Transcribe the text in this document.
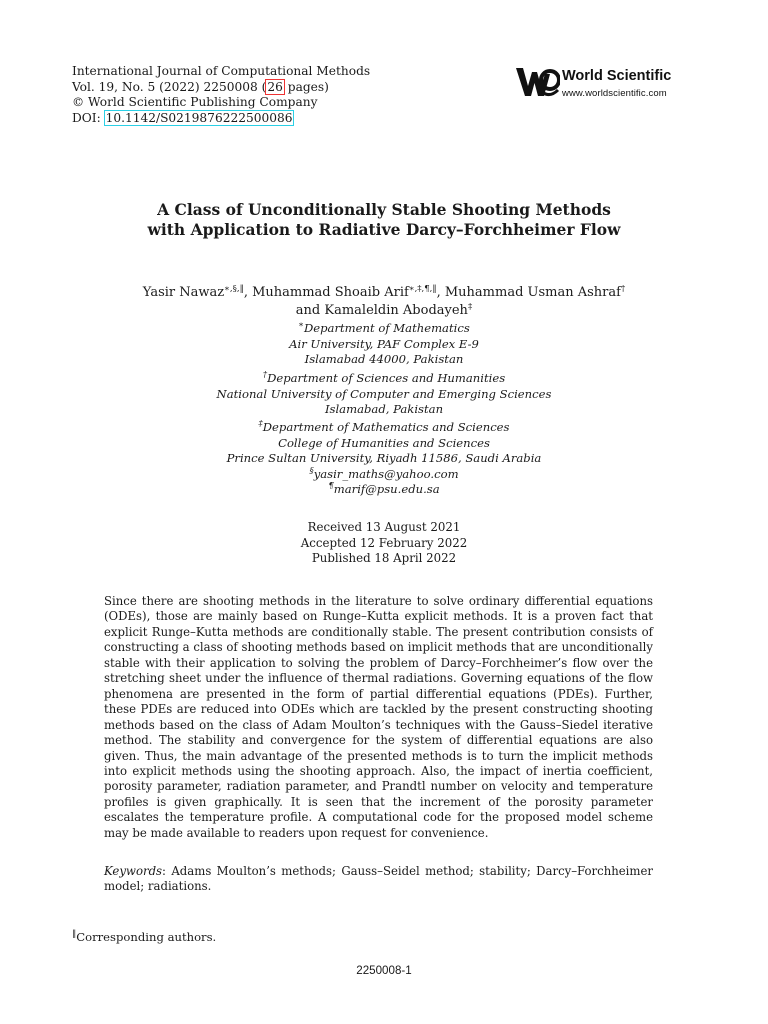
International Journal of Computational Methods
Vol. 19, No. 5 (2022) 2250008 (26 pages)
© World Scientific Publishing Company
DOI: 10.1142/S0219876222500086
World Scientific
www.worldscientific.com
A Class of Unconditionally Stable Shooting Methods
with Application to Radiative Darcy–Forchheimer Flow
Yasir Nawaz∗,§,‖, Muhammad Shoaib Arif∗,‡,¶,‖, Muhammad Usman Ashraf†
and Kamaleldin Abodayeh‡
∗Department of Mathematics
Air University, PAF Complex E-9
Islamabad 44000, Pakistan
†Department of Sciences and Humanities
National University of Computer and Emerging Sciences
Islamabad, Pakistan
‡Department of Mathematics and Sciences
College of Humanities and Sciences
Prince Sultan University, Riyadh 11586, Saudi Arabia
§yasir_maths@yahoo.com
¶marif@psu.edu.sa
Received 13 August 2021
Accepted 12 February 2022
Published 18 April 2022
Since there are shooting methods in the literature to solve ordinary differential equations (ODEs), those are mainly based on Runge–Kutta explicit methods. It is a proven fact that explicit Runge–Kutta methods are conditionally stable. The present contribution consists of constructing a class of shooting methods based on implicit methods that are unconditionally stable with their application to solving the problem of Darcy–Forchheimer’s flow over the stretching sheet under the influence of thermal radiations. Governing equations of the flow phenomena are presented in the form of partial differential equations (PDEs). Further, these PDEs are reduced into ODEs which are tackled by the present constructing shooting methods based on the class of Adam Moulton’s techniques with the Gauss–Siedel iterative method. The stability and convergence for the system of differential equations are also given. Thus, the main advantage of the presented methods is to turn the implicit methods into explicit methods using the shooting approach. Also, the impact of inertia coefficient, porosity parameter, radiation parameter, and Prandtl number on velocity and temperature profiles is given graphically. It is seen that the increment of the porosity parameter escalates the temperature profile. A computational code for the proposed model scheme may be made available to readers upon request for convenience.
Keywords: Adams Moulton’s methods; Gauss–Seidel method; stability; Darcy–Forchheimer model; radiations.
‖Corresponding authors.
2250008-1
